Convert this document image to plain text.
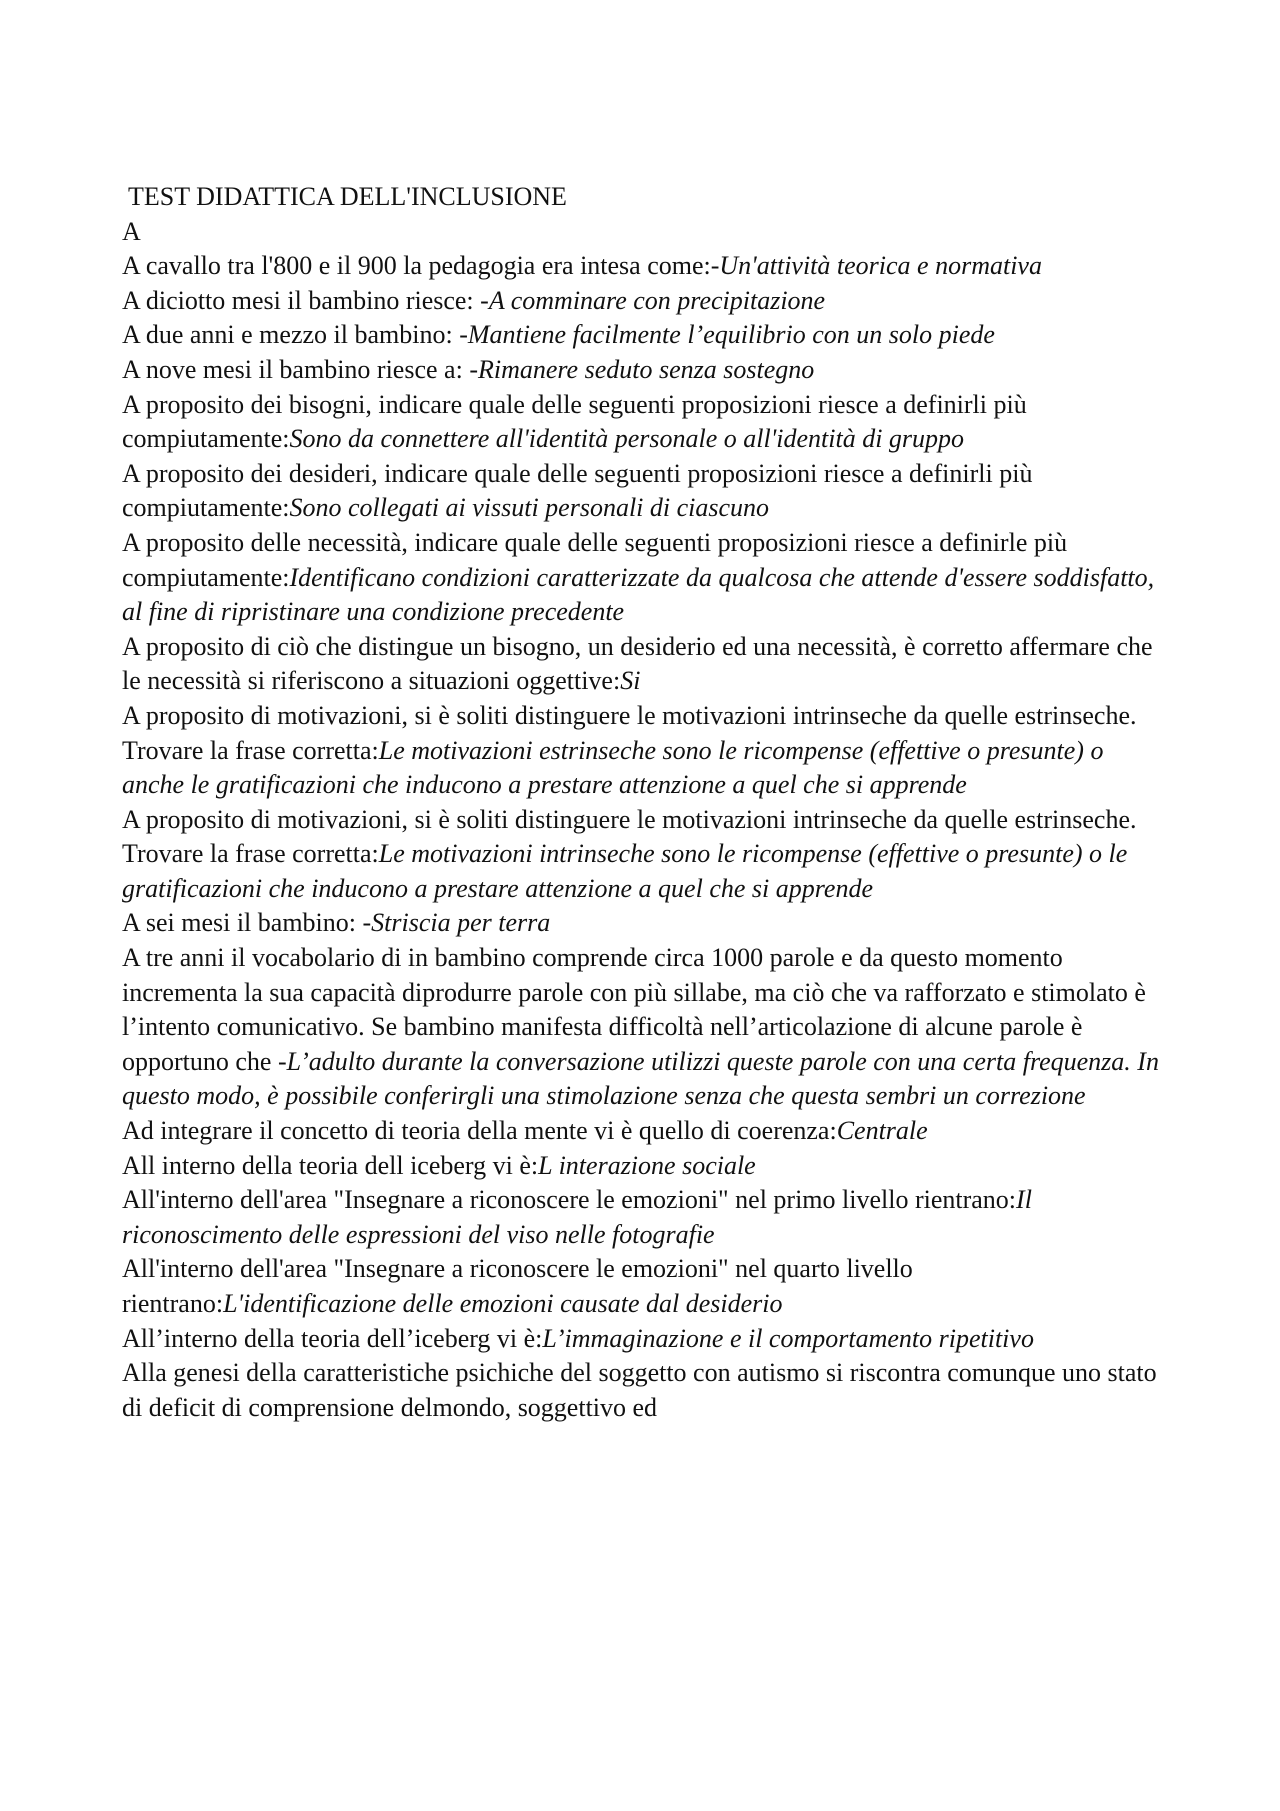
TEST DIDATTICA DELL'INCLUSIONE
A

A cavallo tra l'800 e il 900 la pedagogia era intesa come:-Un'attività teorica e normativa

A diciotto mesi il bambino riesce: -A comminare con precipitazione

A due anni e mezzo il bambino: -Mantiene facilmente l’equilibrio con un solo piede

A nove mesi il bambino riesce a: -Rimanere seduto senza sostegno

A proposito dei bisogni, indicare quale delle seguenti proposizioni riesce a definirli più compiutamente:Sono da connettere all'identità personale o all'identità di gruppo

A proposito dei desideri, indicare quale delle seguenti proposizioni riesce a definirli più compiutamente:Sono collegati ai vissuti personali di ciascuno

A proposito delle necessità, indicare quale delle seguenti proposizioni riesce a definirle più compiutamente:Identificano condizioni caratterizzate da qualcosa che attende d'essere soddisfatto, al fine di ripristinare una condizione precedente

A proposito di ciò che distingue un bisogno, un desiderio ed una necessità, è corretto affermare che le necessità si riferiscono a situazioni oggettive:Si

A proposito di motivazioni, si è soliti distinguere le motivazioni intrinseche da quelle estrinseche. Trovare la frase corretta:Le motivazioni estrinseche sono le ricompense (effettive o presunte) o anche le gratificazioni che inducono a prestare attenzione a quel che si apprende

A proposito di motivazioni, si è soliti distinguere le motivazioni intrinseche da quelle estrinseche. Trovare la frase corretta:Le motivazioni intrinseche sono le ricompense (effettive o presunte) o le gratificazioni che inducono a prestare attenzione a quel che si apprende

A sei mesi il bambino: -Striscia per terra

A tre anni il vocabolario di in bambino comprende circa 1000 parole e da questo momento incrementa la sua capacità diprodurre parole con più sillabe, ma ciò che va rafforzato e stimolato è l’intento comunicativo. Se bambino manifesta difficoltà nell’articolazione di alcune parole è opportuno che -L’adulto durante la conversazione utilizzi queste parole con una certa frequenza. In questo modo, è possibile conferirgli una stimolazione senza che questa sembri un correzione

Ad integrare il concetto di teoria della mente vi è quello di coerenza:Centrale

All interno della teoria dell iceberg vi è:L interazione sociale

All'interno dell'area "Insegnare a riconoscere le emozioni" nel primo livello rientrano:Il riconoscimento delle espressioni del viso nelle fotografie

All'interno dell'area "Insegnare a riconoscere le emozioni" nel quarto livello rientrano:L'identificazione delle emozioni causate dal desiderio

All’interno della teoria dell’iceberg vi è:L’immaginazione e il comportamento ripetitivo

Alla genesi della caratteristiche psichiche del soggetto con autismo si riscontra comunque uno stato di deficit di comprensione delmondo, soggettivo ed
